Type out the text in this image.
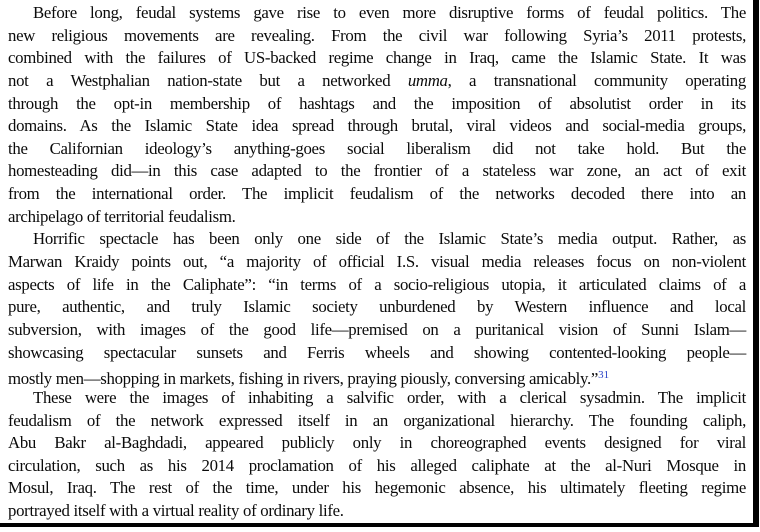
Before long, feudal systems gave rise to even more disruptive forms of feudal politics. The
new religious movements are revealing. From the civil war following Syria’s 2011 protests,
combined with the failures of US-backed regime change in Iraq, came the Islamic State. It was
not a Westphalian nation-state but a networked umma, a transnational community operating
through the opt-in membership of hashtags and the imposition of absolutist order in its
domains. As the Islamic State idea spread through brutal, viral videos and social-media groups,
the Californian ideology’s anything-goes social liberalism did not take hold. But the
homesteading did—in this case adapted to the frontier of a stateless war zone, an act of exit
from the international order. The implicit feudalism of the networks decoded there into an
archipelago of territorial feudalism.
Horrific spectacle has been only one side of the Islamic State’s media output. Rather, as
Marwan Kraidy points out, “a majority of official I.S. visual media releases focus on non-violent
aspects of life in the Caliphate”: “in terms of a socio-religious utopia, it articulated claims of a
pure, authentic, and truly Islamic society unburdened by Western influence and local
subversion, with images of the good life—premised on a puritanical vision of Sunni Islam—
showcasing spectacular sunsets and Ferris wheels and showing contented-looking people—
mostly men—shopping in markets, fishing in rivers, praying piously, conversing amicably.”$^{31}$
These were the images of inhabiting a salvific order, with a clerical sysadmin. The implicit
feudalism of the network expressed itself in an organizational hierarchy. The founding caliph,
Abu Bakr al-Baghdadi, appeared publicly only in choreographed events designed for viral
circulation, such as his 2014 proclamation of his alleged caliphate at the al-Nuri Mosque in
Mosul, Iraq. The rest of the time, under his hegemonic absence, his ultimately fleeting regime
portrayed itself with a virtual reality of ordinary life.
